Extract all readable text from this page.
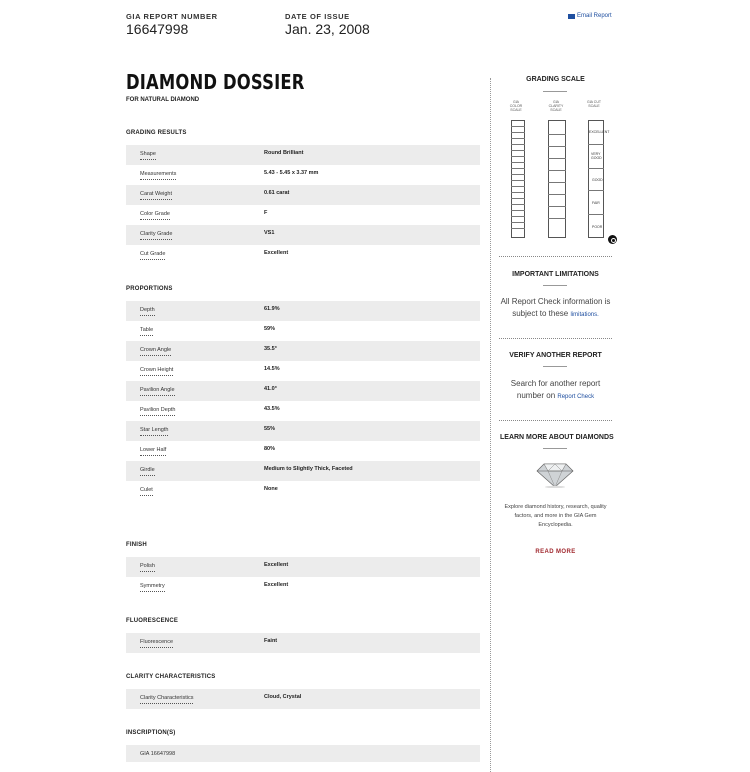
GIA REPORT NUMBER
16647998
DATE OF ISSUE
Jan. 23, 2008
Email Report
DIAMOND DOSSIER
FOR NATURAL DIAMOND
GRADING RESULTS
Shape	Round Brilliant
Measurements	5.43 - 5.45 x 3.37 mm
Carat Weight	0.61 carat
Color Grade	F
Clarity Grade	VS1
Cut Grade	Excellent
PROPORTIONS
Depth	61.9%
Table	59%
Crown Angle	35.5°
Crown Height	14.5%
Pavilion Angle	41.0°
Pavilion Depth	43.5%
Star Length	55%
Lower Half	80%
Girdle	Medium to Slightly Thick, Faceted
Culet	None
FINISH
Polish	Excellent
Symmetry	Excellent
FLUORESCENCE
Fluorescence	Faint
CLARITY CHARACTERISTICS
Clarity Characteristics	Cloud, Crystal
INSCRIPTION(S)
GIA 16647998
GRADING SCALE
GIA COLOR SCALE
GIA CLARITY SCALE
GIA CUT SCALE
EXCELLENT
VERY GOOD
GOOD
FAIR
POOR
IMPORTANT LIMITATIONS
All Report Check information is subject to these limitations.
VERIFY ANOTHER REPORT
Search for another report number on Report Check
LEARN MORE ABOUT DIAMONDS
Explore diamond history, research, quality factors, and more in the GIA Gem Encyclopedia.
READ MORE
